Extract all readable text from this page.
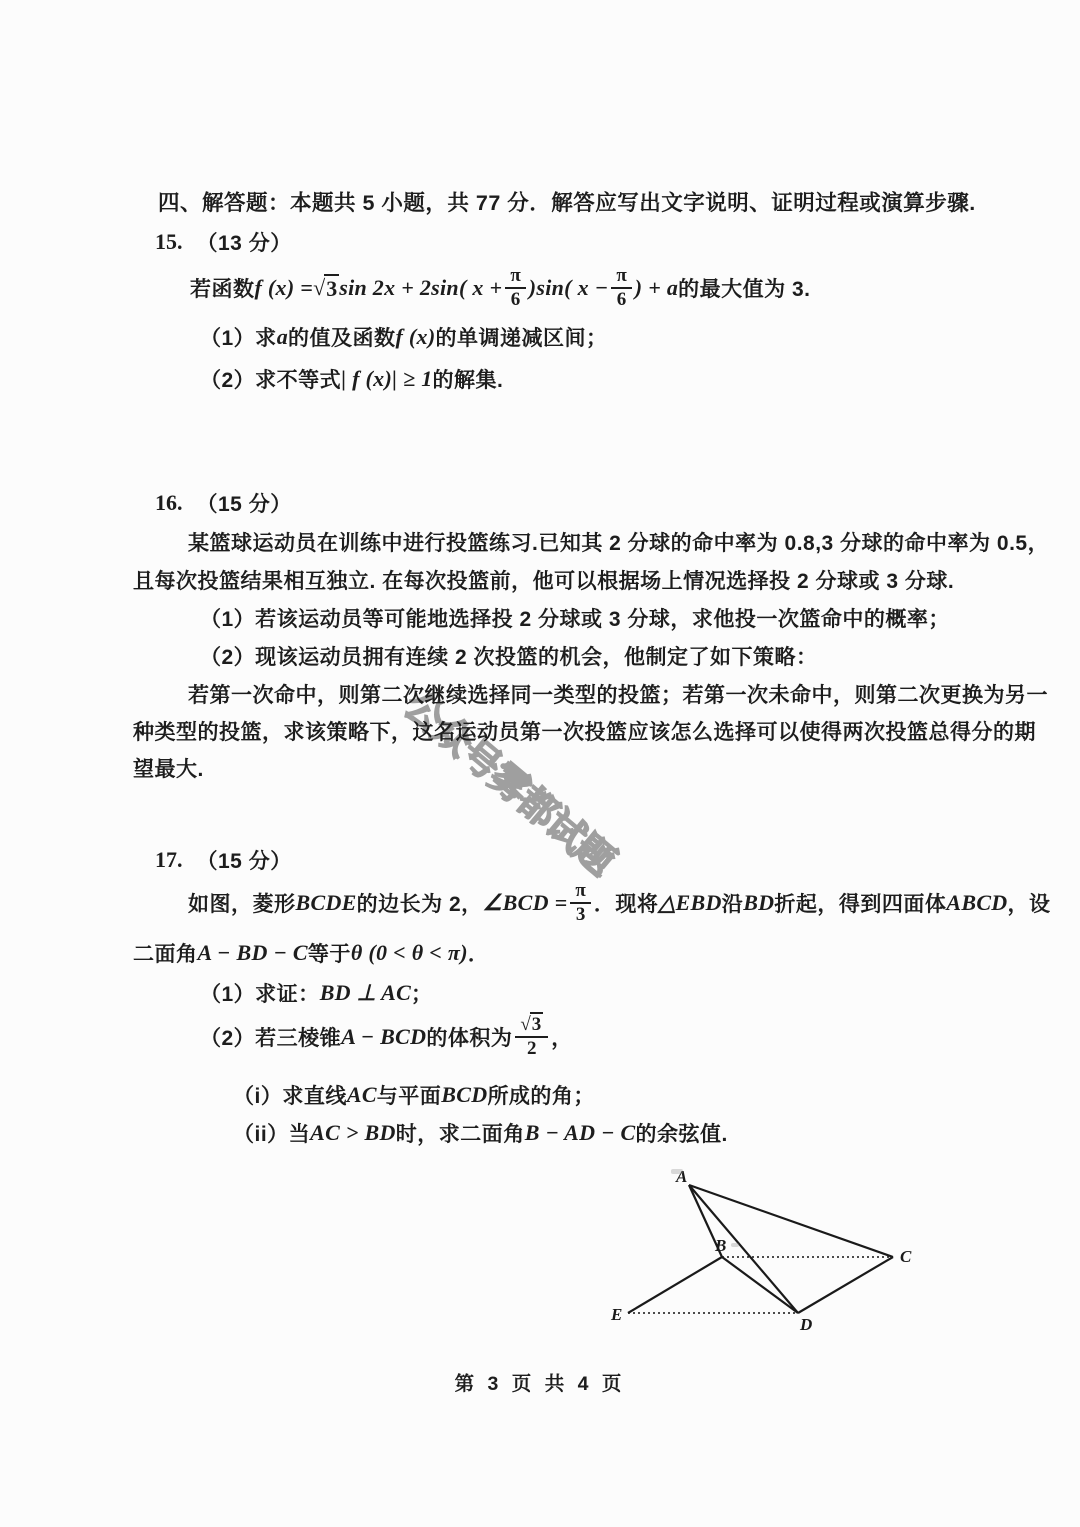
公众号雾都试题
四、解答题：本题共 5 小题，共 77 分．解答应写出文字说明、证明过程或演算步骤.
15. （13 分）
若函数 f (x) = √ 3 sin 2x + 2sin( $x + \frac{\pi}{6} )\sin$( $x - \frac{\pi}{6}$ ) + a 的最大值为 3.
（1）求 a 的值及函数 f (x) 的单调递减区间；
（2）求不等式 | f (x)| ≥ 1 的解集.
16. （15 分）
某篮球运动员在训练中进行投篮练习.已知其 2 分球的命中率为 0.8,3 分球的命中率为 0.5，
且每次投篮结果相互独立. 在每次投篮前，他可以根据场上情况选择投 2 分球或 3 分球.
（1）若该运动员等可能地选择投 2 分球或 3 分球，求他投一次篮命中的概率；
（2）现该运动员拥有连续 2 次投篮的机会，他制定了如下策略：
若第一次命中，则第二次继续选择同一类型的投篮；若第一次未命中，则第二次更换为另一
种类型的投篮，求该策略下，这名运动员第一次投篮应该怎么选择可以使得两次投篮总得分的期
望最大.
17. （15 分）
如图，菱形 BCDE 的边长为 2， ∠BCD = $\frac{\pi}{3}$ ．现将 △EBD 沿 BD 折起，得到四面体 ABCD ，设
二面角 A − BD − C 等于 θ (0 < θ < π) ．
（1）求证： BD ⊥ AC ；
（2）若三棱锥 A − BCD 的体积为 $\frac{√3}{2}$ ，
（i）求直线 AC 与平面 BCD 所成的角；
（ii）当 AC > BD 时，求二面角 B − AD − C 的余弦值.
A
B
C
D
E
第 3 页 共 4 页
